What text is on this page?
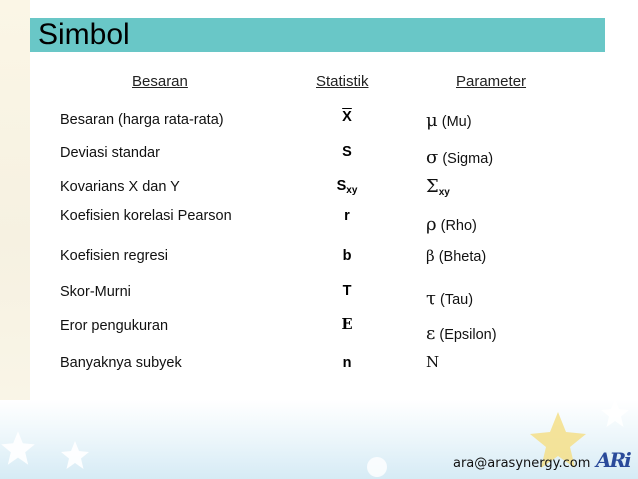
Simbol
Besaran	Statistik	Parameter
Besaran (harga rata-rata)	$\overline{X}$	μ (Mu)
Deviasi standar	S	σ (Sigma)
Kovarians X dan Y	$S_{xy}$	$\Sigma_{xy}$
Koefisien korelasi Pearson	r	ρ (Rho)
Koefisien regresi	b	β (Bheta)
Skor-Murni	T	τ (Tau)
Eror pengukuran	Ε	ε (Epsilon)
Banyaknya subyek	n	Ν
ara@arasynergy.com ARi
